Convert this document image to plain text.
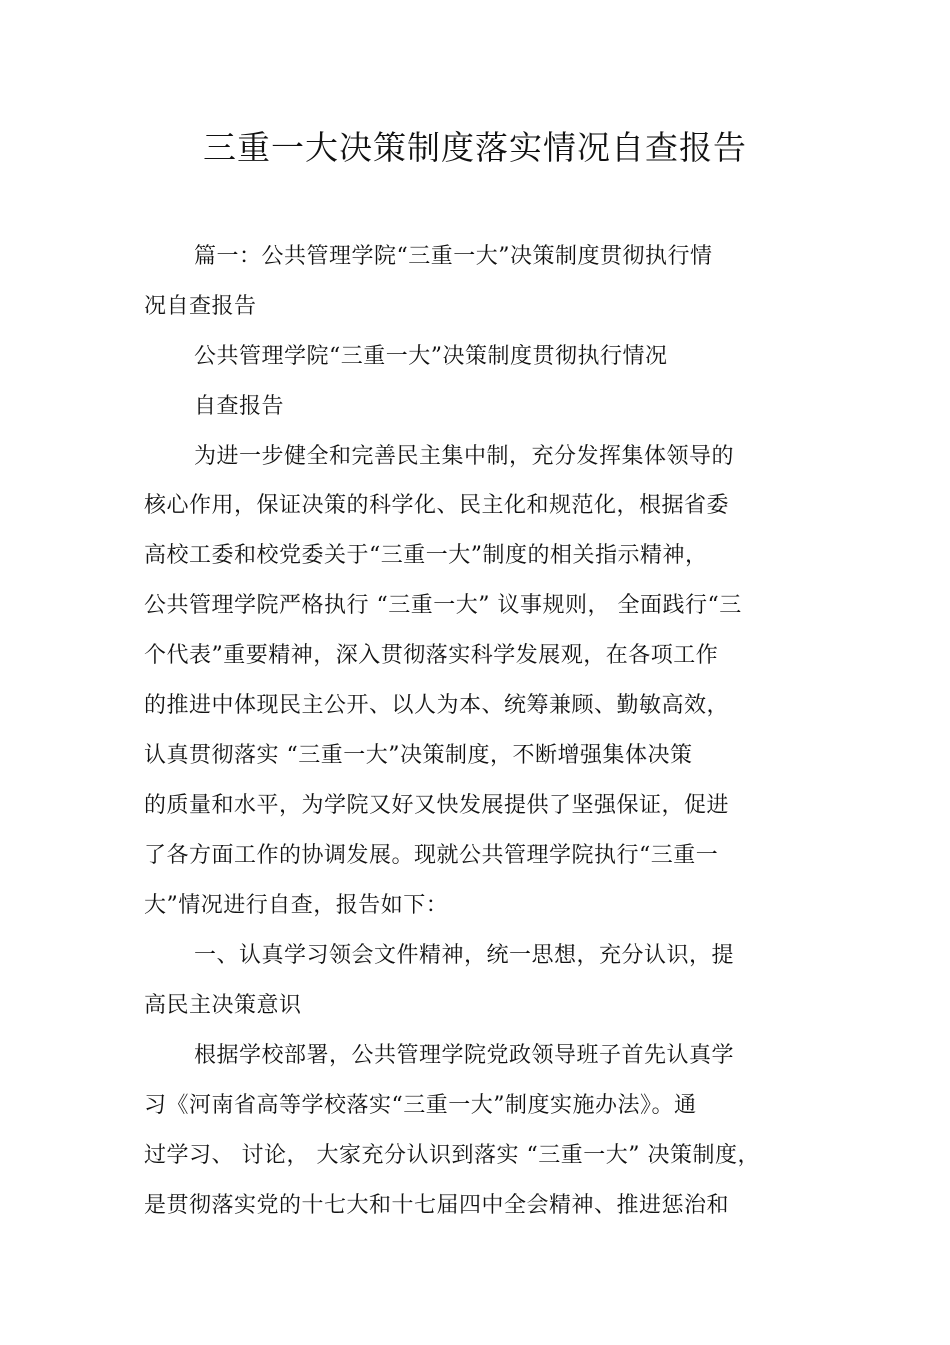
三重一大决策制度落实情况自查报告
篇一：公共管理学院“三重一大”决策制度贯彻执行情
况自查报告
公共管理学院“三重一大”决策制度贯彻执行情况
自查报告
为进一步健全和完善民主集中制，充分发挥集体领导的
核心作用，保证决策的科学化、民主化和规范化，根据省委
高校工委和校党委关于“三重一大”制度的相关指示精神，
公共管理学院严格执行 “三重一大” 议事规则， 全面践行“三
个代表”重要精神，深入贯彻落实科学发展观，在各项工作
的推进中体现民主公开、以人为本、统筹兼顾、勤敏高效，
认真贯彻落实 “三重一大”决策制度，不断增强集体决策
的质量和水平，为学院又好又快发展提供了坚强保证，促进
了各方面工作的协调发展。现就公共管理学院执行“三重一
大”情况进行自查，报告如下：
一、认真学习领会文件精神，统一思想，充分认识，提
高民主决策意识
根据学校部署，公共管理学院党政领导班子首先认真学
习《河南省高等学校落实“三重一大”制度实施办法》。通
过学习、 讨论， 大家充分认识到落实 “三重一大” 决策制度，
是贯彻落实党的十七大和十七届四中全会精神、推进惩治和
